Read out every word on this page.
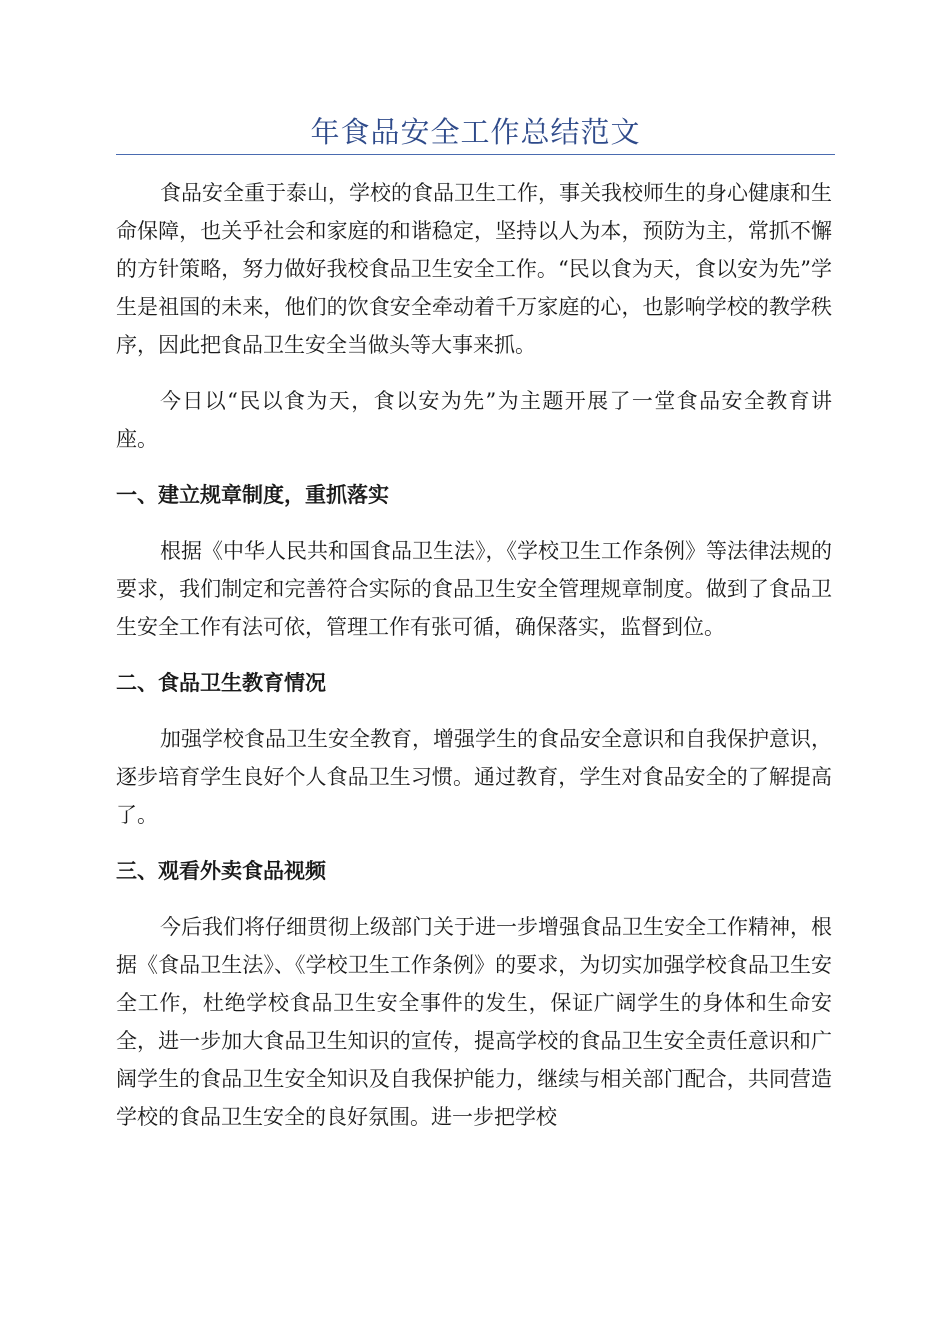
年食品安全工作总结范文

食品安全重于泰山，学校的食品卫生工作，事关我校师生的身心健康和生命保障，也关乎社会和家庭的和谐稳定，坚持以人为本，预防为主，常抓不懈的方针策略，努力做好我校食品卫生安全工作。“民以食为天，食以安为先”学生是祖国的未来，他们的饮食安全牵动着千万家庭的心，也影响学校的教学秩序，因此把食品卫生安全当做头等大事来抓。

今日以“民以食为天，食以安为先”为主题开展了一堂食品安全教育讲座。

一、建立规章制度，重抓落实

根据《中华人民共和国食品卫生法》，《学校卫生工作条例》等法律法规的要求，我们制定和完善符合实际的食品卫生安全管理规章制度。做到了食品卫生安全工作有法可依，管理工作有张可循，确保落实，监督到位。

二、食品卫生教育情况

加强学校食品卫生安全教育，增强学生的食品安全意识和自我保护意识，逐步培育学生良好个人食品卫生习惯。通过教育，学生对食品安全的了解提高了。

三、观看外卖食品视频

今后我们将仔细贯彻上级部门关于进一步增强食品卫生安全工作精神，根据《食品卫生法》、《学校卫生工作条例》的要求，为切实加强学校食品卫生安全工作，杜绝学校食品卫生安全事件的发生，保证广阔学生的身体和生命安全，进一步加大食品卫生知识的宣传，提高学校的食品卫生安全责任意识和广阔学生的食品卫生安全知识及自我保护能力，继续与相关部门配合，共同营造学校的食品卫生安全的良好氛围。进一步把学校
